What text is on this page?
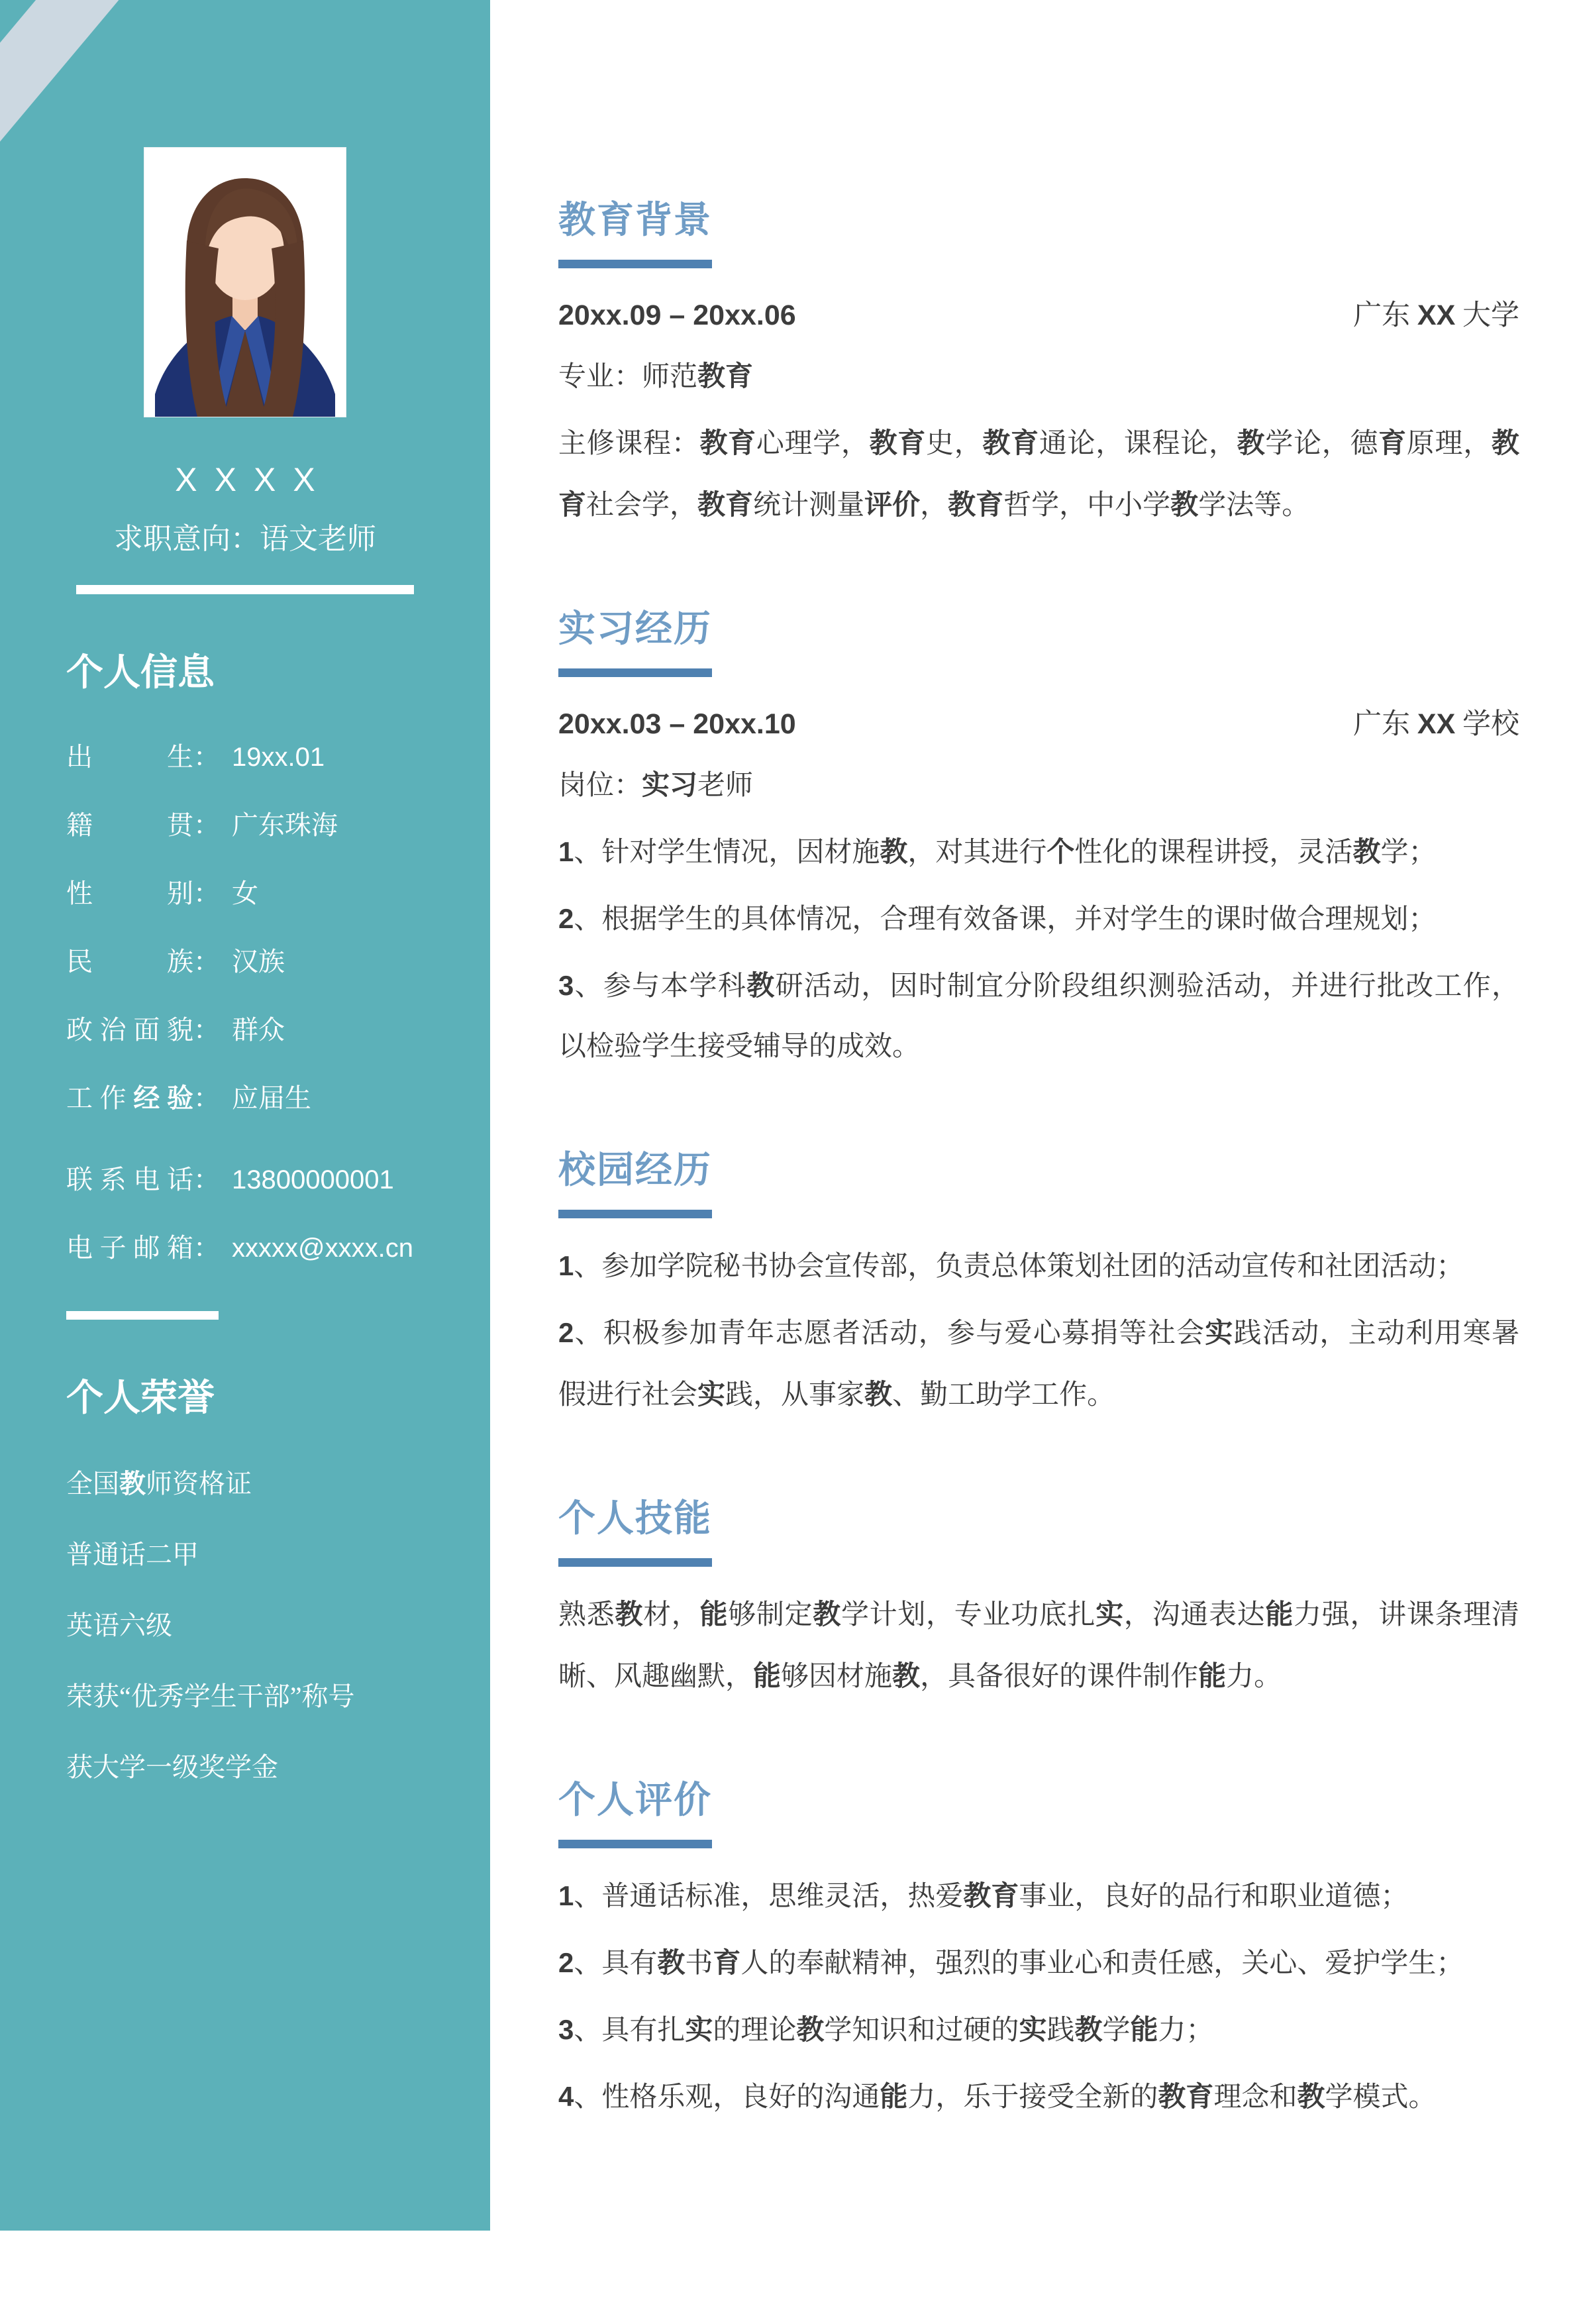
XXXX
求职意向：语文老师
个人信息
出生 ： 19xx.01
籍贯 ： 广东珠海
性别 ： 女
民族 ： 汉族
政治面貌 ： 群众
工作经验 ： 应届生
联系电话 ： 13800000001
电子邮箱 ： xxxxx@xxxx.cn
个人荣誉
全国教师资格证
普通话二甲
英语六级
荣获“优秀学生干部”称号
获大学一级奖学金
教育背景
20xx.09 – 20xx.06	广东 XX 大学

专业：师范教育

主修课程：教育心理学，教育史，教育通论，课程论，教学论，德育原理，教育社会学，教育统计测量评价，教育哲学，中小学教学法等。

实习经历
20xx.03 – 20xx.10	广东 XX 学校

岗位：实习老师

1、针对学生情况，因材施教，对其进行个性化的课程讲授，灵活教学；

2、根据学生的具体情况，合理有效备课，并对学生的课时做合理规划；

3、参与本学科教研活动，因时制宜分阶段组织测验活动，并进行批改工作，以检验学生接受辅导的成效。

校园经历

1、参加学院秘书协会宣传部，负责总体策划社团的活动宣传和社团活动；

2、积极参加青年志愿者活动，参与爱心募捐等社会实践活动，主动利用寒暑假进行社会实践，从事家教、勤工助学工作。

个人技能

熟悉教材，能够制定教学计划，专业功底扎实，沟通表达能力强，讲课条理清晰、风趣幽默，能够因材施教，具备很好的课件制作能力。

个人评价

1、普通话标准，思维灵活，热爱教育事业，良好的品行和职业道德；

2、具有教书育人的奉献精神，强烈的事业心和责任感，关心、爱护学生；

3、具有扎实的理论教学知识和过硬的实践教学能力；

4、性格乐观，良好的沟通能力，乐于接受全新的教育理念和教学模式。
